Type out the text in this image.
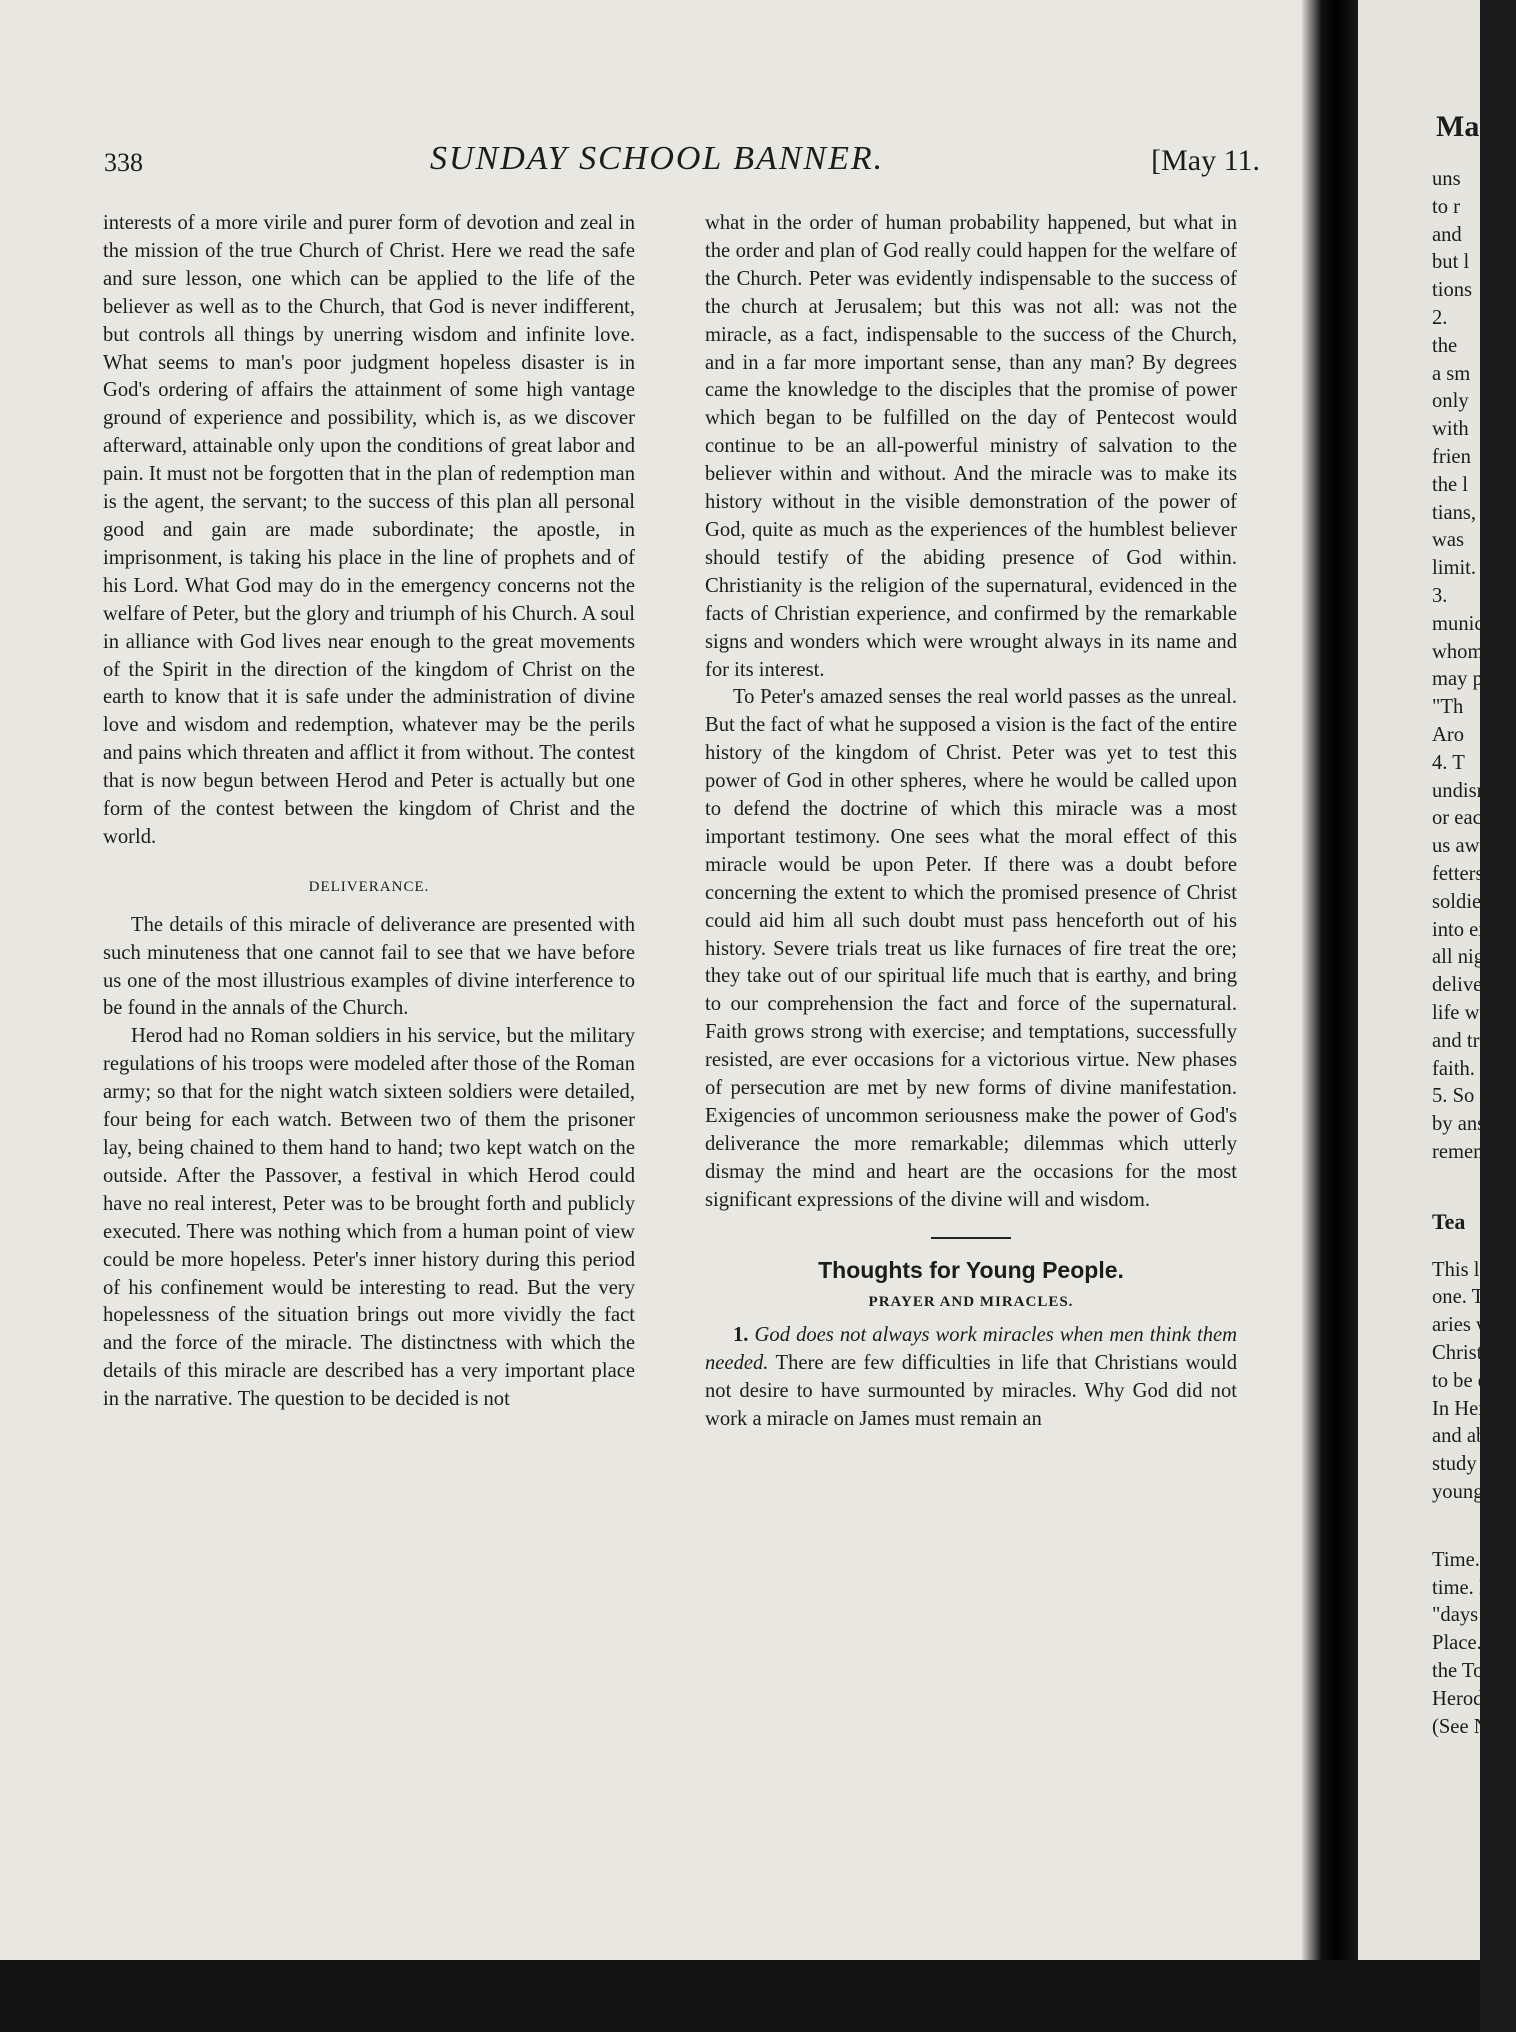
338	SUNDAY SCHOOL BANNER.	[May 11.

interests of a more virile and purer form of devotion and zeal in the mission of the true Church of Christ. Here we read the safe and sure lesson, one which can be applied to the life of the believer as well as to the Church, that God is never indifferent, but controls all things by unerring wisdom and infinite love. What seems to man's poor judgment hopeless disaster is in God's ordering of affairs the attainment of some high vantage ground of experience and possibility, which is, as we discover afterward, attainable only upon the conditions of great labor and pain. It must not be forgotten that in the plan of redemption man is the agent, the servant; to the success of this plan all personal good and gain are made subordinate; the apostle, in imprisonment, is taking his place in the line of prophets and of his Lord. What God may do in the emergency concerns not the welfare of Peter, but the glory and triumph of his Church. A soul in alliance with God lives near enough to the great movements of the Spirit in the direction of the kingdom of Christ on the earth to know that it is safe under the administration of divine love and wisdom and redemption, whatever may be the perils and pains which threaten and afflict it from without. The contest that is now begun between Herod and Peter is actually but one form of the contest between the kingdom of Christ and the world.

DELIVERANCE.

The details of this miracle of deliverance are presented with such minuteness that one cannot fail to see that we have before us one of the most illustrious examples of divine interference to be found in the annals of the Church.

Herod had no Roman soldiers in his service, but the military regulations of his troops were modeled after those of the Roman army; so that for the night watch sixteen soldiers were detailed, four being for each watch. Between two of them the prisoner lay, being chained to them hand to hand; two kept watch on the outside. After the Passover, a festival in which Herod could have no real interest, Peter was to be brought forth and publicly executed. There was nothing which from a human point of view could be more hopeless. Peter's inner history during this period of his confinement would be interesting to read. But the very hopelessness of the situation brings out more vividly the fact and the force of the miracle. The distinctness with which the details of this miracle are described has a very important place in the narrative. The question to be decided is not

what in the order of human probability happened, but what in the order and plan of God really could happen for the welfare of the Church. Peter was evidently indispensable to the success of the church at Jerusalem; but this was not all: was not the miracle, as a fact, indispensable to the success of the Church, and in a far more important sense, than any man? By degrees came the knowledge to the disciples that the promise of power which began to be fulfilled on the day of Pentecost would continue to be an all-powerful ministry of salvation to the believer within and without. And the miracle was to make its history without in the visible demonstration of the power of God, quite as much as the experiences of the humblest believer should testify of the abiding presence of God within. Christianity is the religion of the supernatural, evidenced in the facts of Christian experience, and confirmed by the remarkable signs and wonders which were wrought always in its name and for its interest.

To Peter's amazed senses the real world passes as the unreal. But the fact of what he supposed a vision is the fact of the entire history of the kingdom of Christ. Peter was yet to test this power of God in other spheres, where he would be called upon to defend the doctrine of which this miracle was a most important testimony. One sees what the moral effect of this miracle would be upon Peter. If there was a doubt before concerning the extent to which the promised presence of Christ could aid him all such doubt must pass henceforth out of his history. Severe trials treat us like furnaces of fire treat the ore; they take out of our spiritual life much that is earthy, and bring to our comprehension the fact and force of the supernatural. Faith grows strong with exercise; and temptations, successfully resisted, are ever occasions for a victorious virtue. New phases of persecution are met by new forms of divine manifestation. Exigencies of uncommon seriousness make the power of God's deliverance the more remarkable; dilemmas which utterly dismay the mind and heart are the occasions for the most significant expressions of the divine will and wisdom.

Thoughts for Young People.
PRAYER AND MIRACLES.

1. God does not always work miracles when men think them needed. There are few difficulties in life that Christians would not desire to have surmounted by miracles. Why God did not work a miracle on James must remain an

Ma
uns
to r
and
but l
tions
2.
the
a sm
only
with
frien
the l
tians,
was
limit.
3.
munic
whom
may p
"Th
Aro
4. T
undism
or eac
us awa
fetters,
soldiers
into ex
all nigh
delivera
life wo
and tra
faith.
5. So
by ansu
rememb
Tea
This l
one. T
aries wa
Christian
to be don
In Hero
and able
study th
young Ch
Time.
time. E
"days of
Place.
the Towe
Herod.
(See NOT
